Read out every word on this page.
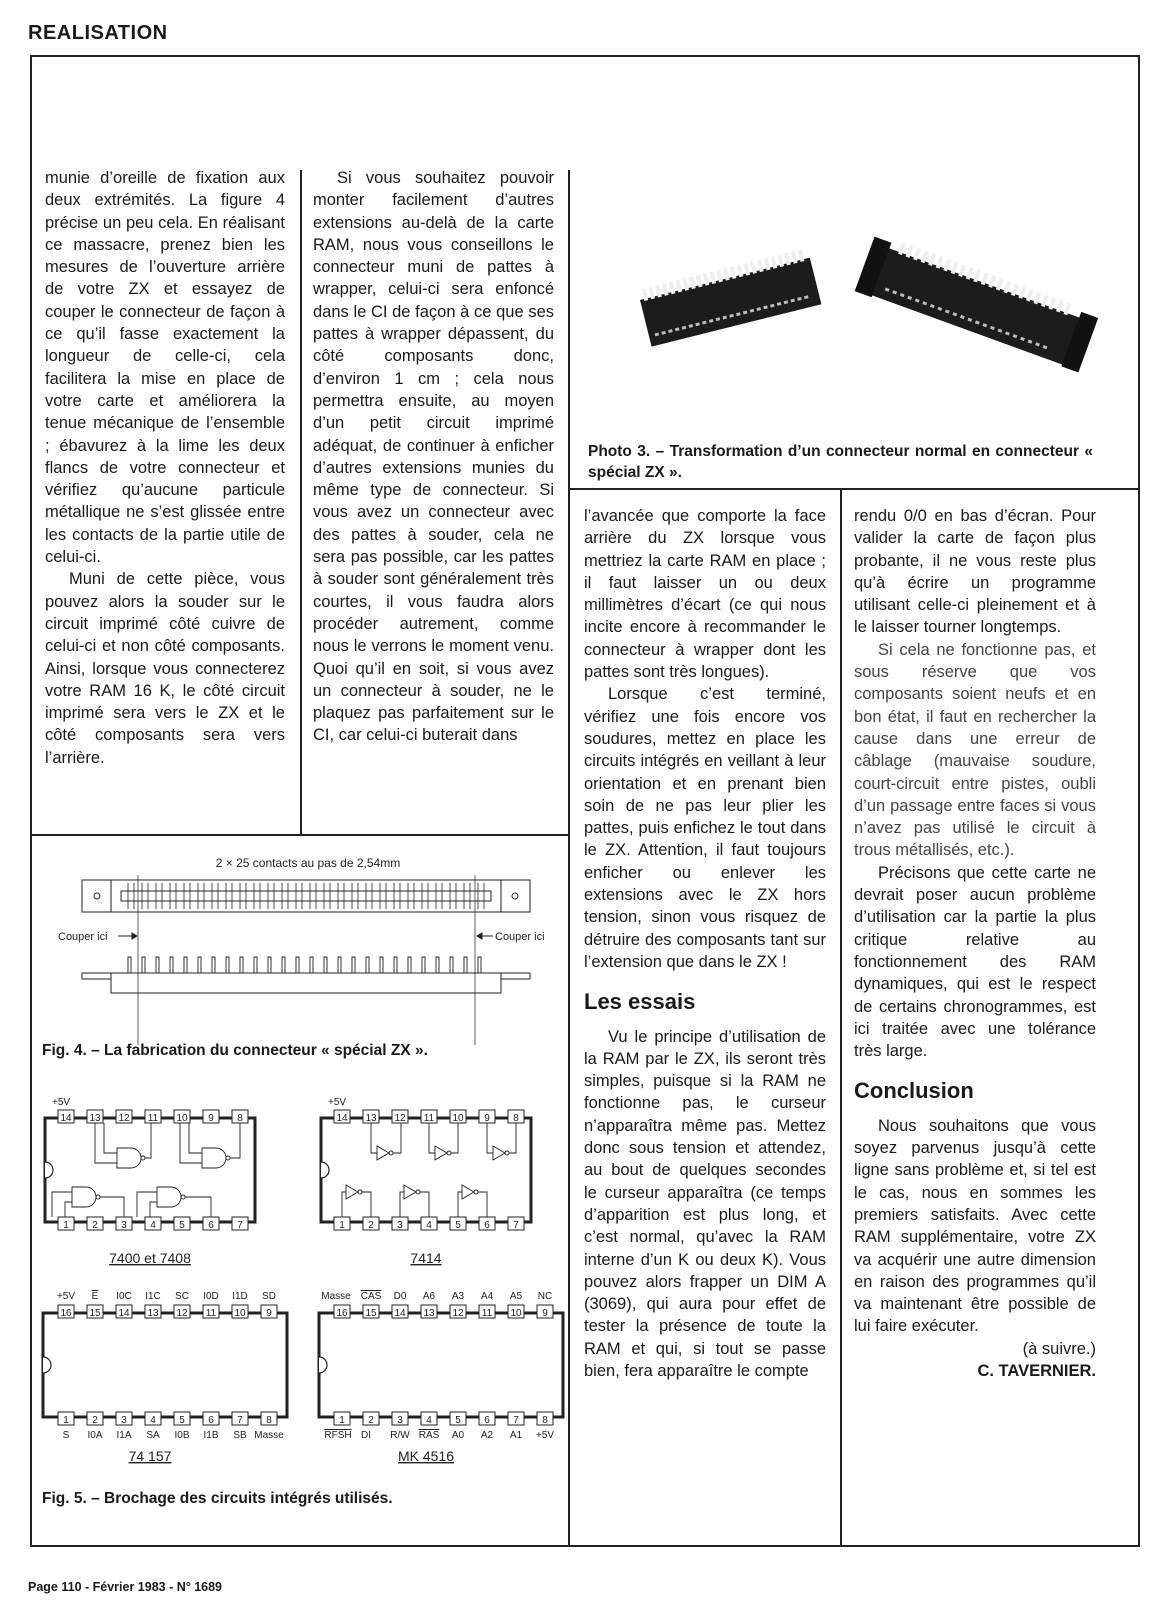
REALISATION

munie d’oreille de fixation aux deux extrémités. La figure 4 précise un peu cela. En réalisant ce massacre, prenez bien les mesures de l’ouverture arrière de votre ZX et essayez de couper le connecteur de façon à ce qu’il fasse exactement la longueur de celle-ci, cela facilitera la mise en place de votre carte et améliorera la tenue mécanique de l’ensemble ; ébavurez à la lime les deux flancs de votre connecteur et vérifiez qu’aucune particule métallique ne s’est glissée entre les contacts de la partie utile de celui-ci.

Muni de cette pièce, vous pouvez alors la souder sur le circuit imprimé côté cuivre de celui-ci et non côté composants. Ainsi, lorsque vous connecterez votre RAM 16 K, le côté circuit imprimé sera vers le ZX et le côté composants sera vers l’arrière.

Si vous souhaitez pouvoir monter facilement d’autres extensions au-delà de la carte RAM, nous vous conseillons le connecteur muni de pattes à wrapper, celui-ci sera enfoncé dans le CI de façon à ce que ses pattes à wrapper dépassent, du côté composants donc, d’environ 1 cm ; cela nous permettra ensuite, au moyen d’un petit circuit imprimé adéquat, de continuer à enficher d’autres extensions munies du même type de connecteur. Si vous avez un connecteur avec des pattes à souder, cela ne sera pas possible, car les pattes à souder sont généralement très courtes, il vous faudra alors procéder autrement, comme nous le verrons le moment venu. Quoi qu’il en soit, si vous avez un connecteur à souder, ne le plaquez pas parfaitement sur le CI, car celui-ci buterait dans

Photo 3. – Transformation d’un connecteur normal en connecteur « spécial ZX ».

l’avancée que comporte la face arrière du ZX lorsque vous mettriez la carte RAM en place ; il faut laisser un ou deux millimètres d’écart (ce qui nous incite encore à recommander le connecteur à wrapper dont les pattes sont très longues).

Lorsque c’est terminé, vérifiez une fois encore vos soudures, mettez en place les circuits intégrés en veillant à leur orientation et en prenant bien soin de ne pas leur plier les pattes, puis enfichez le tout dans le ZX. Attention, il faut toujours enficher ou enlever les extensions avec le ZX hors tension, sinon vous risquez de détruire des composants tant sur l’extension que dans le ZX !

Les essais

Vu le principe d’utilisation de la RAM par le ZX, ils seront très simples, puisque si la RAM ne fonctionne pas, le curseur n’apparaîtra même pas. Mettez donc sous tension et attendez, au bout de quelques secondes le curseur apparaîtra (ce temps d’apparition est plus long, et c’est normal, qu’avec la RAM interne d’un K ou deux K). Vous pouvez alors frapper un DIM A (3069), qui aura pour effet de tester la présence de toute la RAM et qui, si tout se passe bien, fera apparaître le compte

rendu 0/0 en bas d’écran. Pour valider la carte de façon plus probante, il ne vous reste plus qu’à écrire un programme utilisant celle-ci pleinement et à le laisser tourner longtemps.

Si cela ne fonctionne pas, et sous réserve que vos composants soient neufs et en bon état, il faut en rechercher la cause dans une erreur de câblage (mauvaise soudure, court-circuit entre pistes, oubli d’un passage entre faces si vous n’avez pas utilisé le circuit à trous métallisés, etc.).

Précisons que cette carte ne devrait poser aucun problème d’utilisation car la partie la plus critique relative au fonctionnement des RAM dynamiques, qui est le respect de certains chronogrammes, est ici traitée avec une tolérance très large.

Conclusion

Nous souhaitons que vous soyez parvenus jusqu’à cette ligne sans problème et, si tel est le cas, nous en sommes les premiers satisfaits. Avec cette RAM supplémentaire, votre ZX va acquérir une autre dimension en raison des programmes qu’il va maintenant être possible de lui faire exécuter.

(à suivre.)

C. TAVERNIER.

2 × 25 contacts au pas de 2,54mm
Couper ici	Couper ici
Fig. 4. – La fabrication du connecteur « spécial ZX ».
+5V
14 13 12 11 10 9 8
1 2 3 4 5 6 7
7400 et 7408
+5V
14 13 12 11 10 9 8
1 2 3 4 5 6 7
7414
+5V E I0C I1C SC I0D I1D SD
16 15 14 13 12 11 10 9
1 2 3 4 5 6 7 8
S I0A I1A SA I0B I1B SB Masse
74 157
Masse CAS D0 A6 A3 A4 A5 NC
16 15 14 13 12 11 10 9
1 2 3 4 5 6 7 8
RFSH DI R/W RAS A0 A2 A1 +5V
MK 4516
Fig. 5. – Brochage des circuits intégrés utilisés.
Page 110 - Février 1983 - N° 1689
